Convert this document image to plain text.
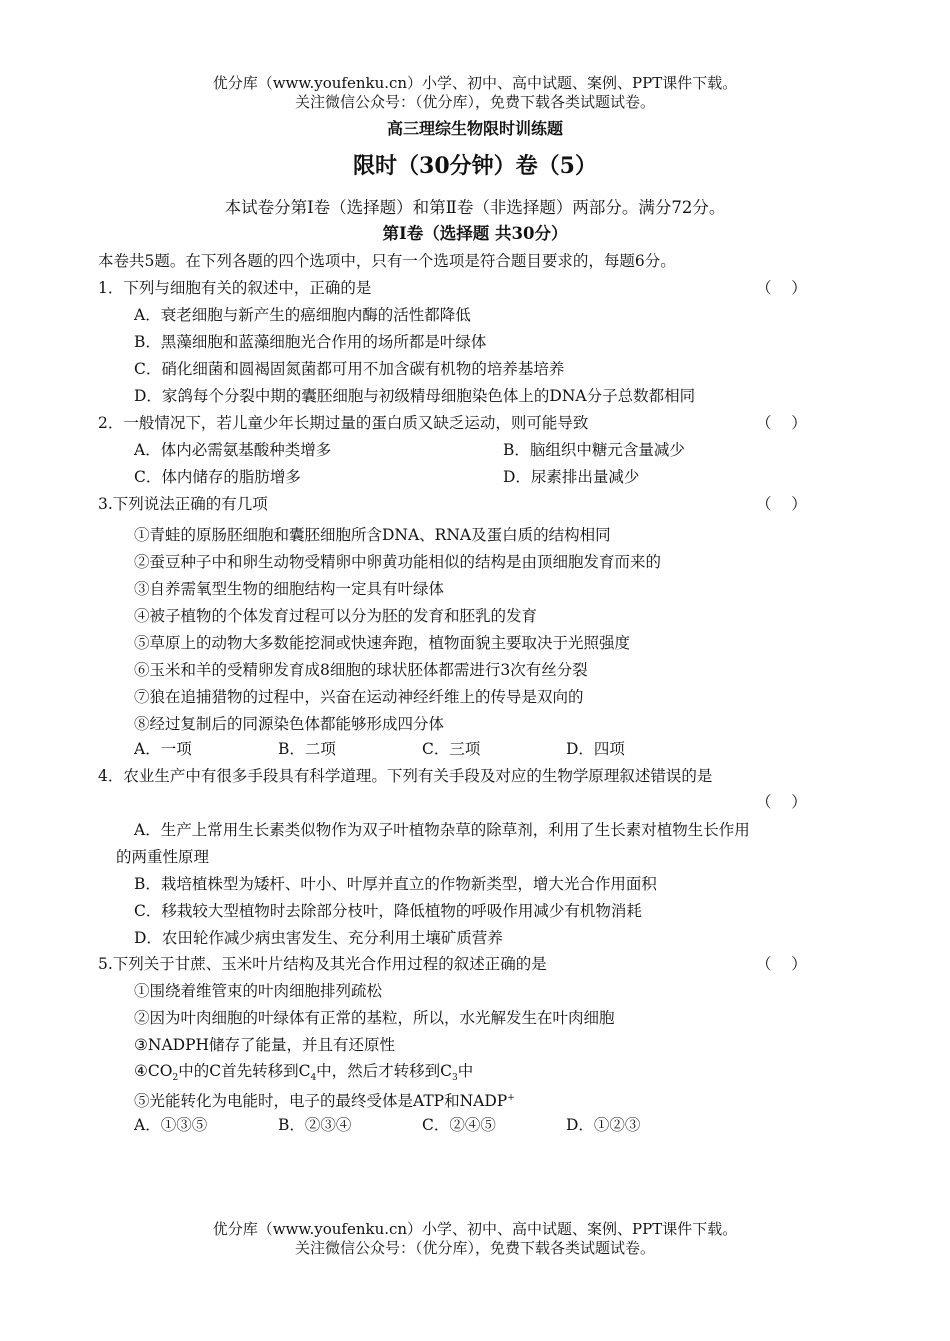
优分库（www.youfenku.cn）小学、初中、高中试题、案例、PPT课件下载。
关注微信公众号：（优分库），免费下载各类试题试卷。
高三理综生物限时训练题
限时（30分钟）卷（5）
本试卷分第Ⅰ卷（选择题）和第Ⅱ卷（非选择题）两部分。满分72分。
第Ⅰ卷（选择题 共30分）
本卷共5题。在下列各题的四个选项中，只有一个选项是符合题目要求的，每题6分。
1．下列与细胞有关的叙述中，正确的是	（    ）
A．衰老细胞与新产生的癌细胞内酶的活性都降低
B．黑藻细胞和蓝藻细胞光合作用的场所都是叶绿体
C．硝化细菌和圆褐固氮菌都可用不加含碳有机物的培养基培养
D．家鸽每个分裂中期的囊胚细胞与初级精母细胞染色体上的DNA分子总数都相同
2．一般情况下，若儿童少年长期过量的蛋白质又缺乏运动，则可能导致	（    ）
A．体内必需氨基酸种类增多	B．脑组织中糖元含量减少
C．体内储存的脂肪增多	D．尿素排出量减少
3.下列说法正确的有几项	（    ）
①青蛙的原肠胚细胞和囊胚细胞所含DNA、RNA及蛋白质的结构相同
②蚕豆种子中和卵生动物受精卵中卵黄功能相似的结构是由顶细胞发育而来的
③自养需氧型生物的细胞结构一定具有叶绿体
④被子植物的个体发育过程可以分为胚的发育和胚乳的发育
⑤草原上的动物大多数能挖洞或快速奔跑，植物面貌主要取决于光照强度
⑥玉米和羊的受精卵发育成8细胞的球状胚体都需进行3次有丝分裂
⑦狼在追捕猎物的过程中，兴奋在运动神经纤维上的传导是双向的
⑧经过复制后的同源染色体都能够形成四分体
A．一项	B．二项	C．三项	D．四项
4．农业生产中有很多手段具有科学道理。下列有关手段及对应的生物学原理叙述错误的是
（    ）
A．生产上常用生长素类似物作为双子叶植物杂草的除草剂，利用了生长素对植物生长作用
的两重性原理
B．栽培植株型为矮杆、叶小、叶厚并直立的作物新类型，增大光合作用面积
C．移栽较大型植物时去除部分枝叶，降低植物的呼吸作用减少有机物消耗
D．农田轮作减少病虫害发生、充分利用土壤矿质营养
5.下列关于甘蔗、玉米叶片结构及其光合作用过程的叙述正确的是	（    ）
①围绕着维管束的叶肉细胞排列疏松
②因为叶肉细胞的叶绿体有正常的基粒，所以，水光解发生在叶肉细胞
③NADPH储存了能量，并且有还原性
$④CO_2$中的C首先转移到$C_4$中，然后才转移到$C_3$中
⑤光能转化为电能时，电子的最终受体是ATP和NADP+
A．①③⑤	B．②③④	C．②④⑤	D．①②③
优分库（www.youfenku.cn）小学、初中、高中试题、案例、PPT课件下载。
关注微信公众号：（优分库），免费下载各类试题试卷。
